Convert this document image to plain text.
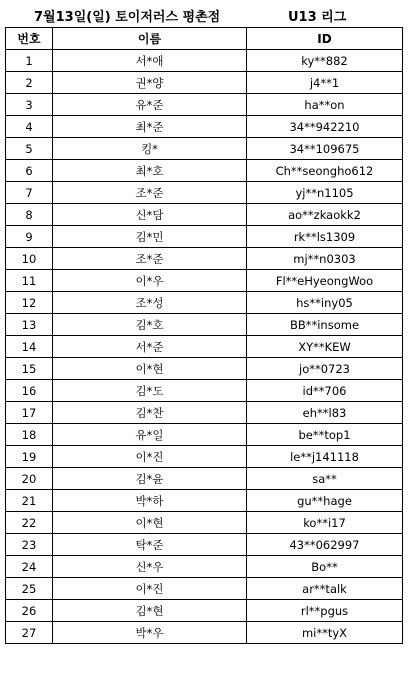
7월13일(일) 토이저러스 평촌점	U13 리그
번호	이름	ID
1	서*애	ky**882
2	권*양	j4**1
3	유*준	ha**on
4	최*준	34**942210
5	킹*	34**109675
6	최*호	Ch**seongho612
7	조*준	yj**n1105
8	신*담	ao**zkaokk2
9	김*민	rk**ls1309
10	조*준	mj**n0303
11	이*우	Fl**eHyeongWoo
12	조*성	hs**iny05
13	김*호	BB**insome
14	서*준	XY**KEW
15	이*현	jo**0723
16	김*도	id**706
17	김*찬	eh**l83
18	유*일	be**top1
19	이*진	le**j141118
20	김*윤	sa**
21	박*하	gu**hage
22	이*현	ko**i17
23	탁*준	43**062997
24	신*우	Bo**
25	이*진	ar**talk
26	김*현	rl**pgus
27	박*우	mi**tyX
